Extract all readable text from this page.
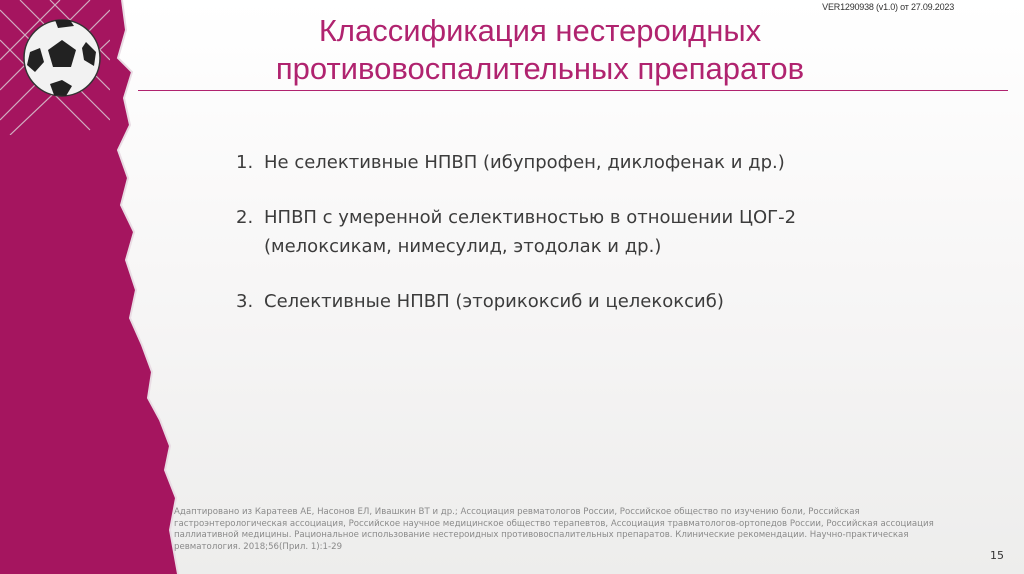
VER1290938 (v1.0) от 27.09.2023
Классификация нестероидных
противовоспалительных препаратов
1. Не селективные НПВП (ибупрофен, диклофенак и др.)
2. НПВП с умеренной селективностью в отношении ЦОГ-2
(мелоксикам, нимесулид, этодолак и др.)
3. Селективные НПВП (эторикоксиб и целекоксиб)
Адаптировано из Каратеев АЕ, Насонов ЕЛ, Ивашкин ВТ и др.; Ассоциация ревматологов России, Российское общество по изучению боли, Российская гастроэнтерологическая ассоциация, Российское научное медицинское общество терапевтов, Ассоциация травматологов-ортопедов России, Российская ассоциация паллиативной медицины. Рациональное использование нестероидных противовоспалительных препаратов. Клинические рекомендации. Научно-практическая ревматология. 2018;56(Прил. 1):1-29
15
